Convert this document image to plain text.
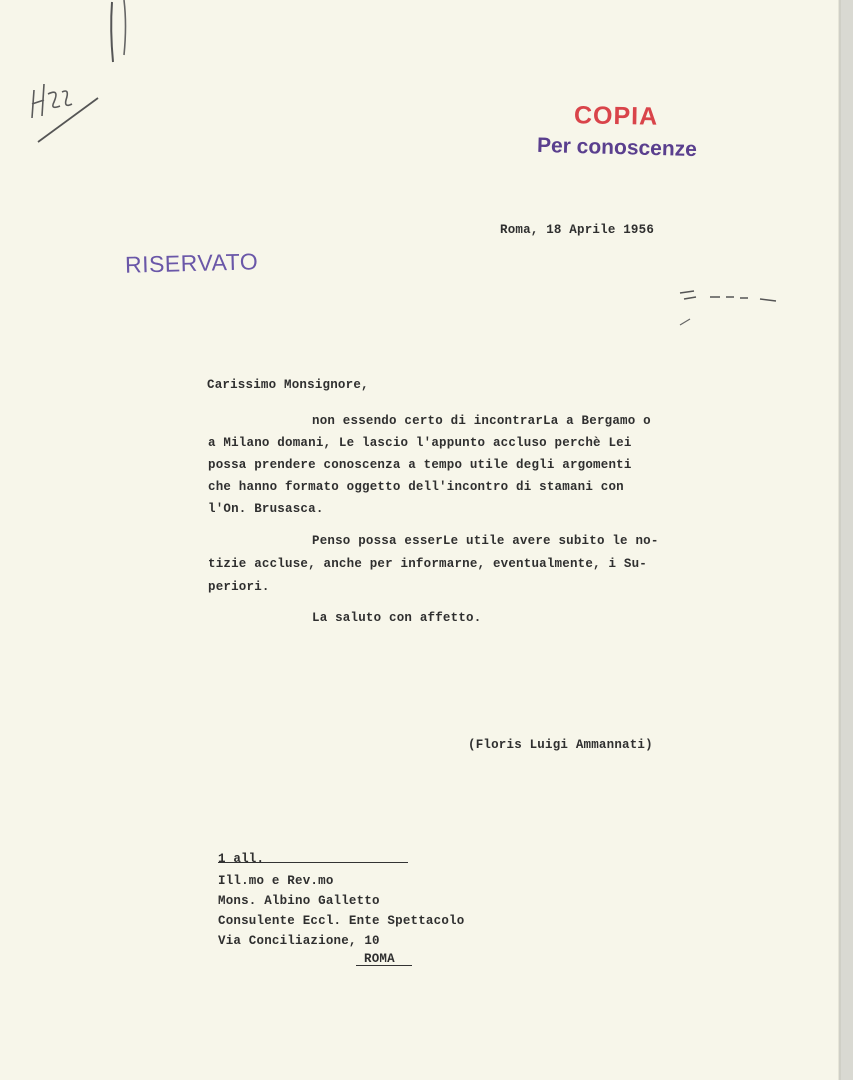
COPIA
Per conoscenze
RISERVATO
Roma, 18 Aprile 1956
Carissimo Monsignore,
non essendo certo di incontrarLa a Bergamo o
a Milano domani, Le lascio l'appunto accluso perchè Lei
possa prendere conoscenza a tempo utile degli argomenti
che hanno formato oggetto dell'incontro di stamani con
l'On. Brusasca.
Penso possa esserLe utile avere subito le no-
tizie accluse, anche per informarne, eventualmente, i Su-
periori.
La saluto con affetto.
(Floris Luigi Ammannati)
1 all.
Ill.mo e Rev.mo
Mons. Albino Galletto
Consulente Eccl. Ente Spettacolo
Via Conciliazione, 10
ROMA
